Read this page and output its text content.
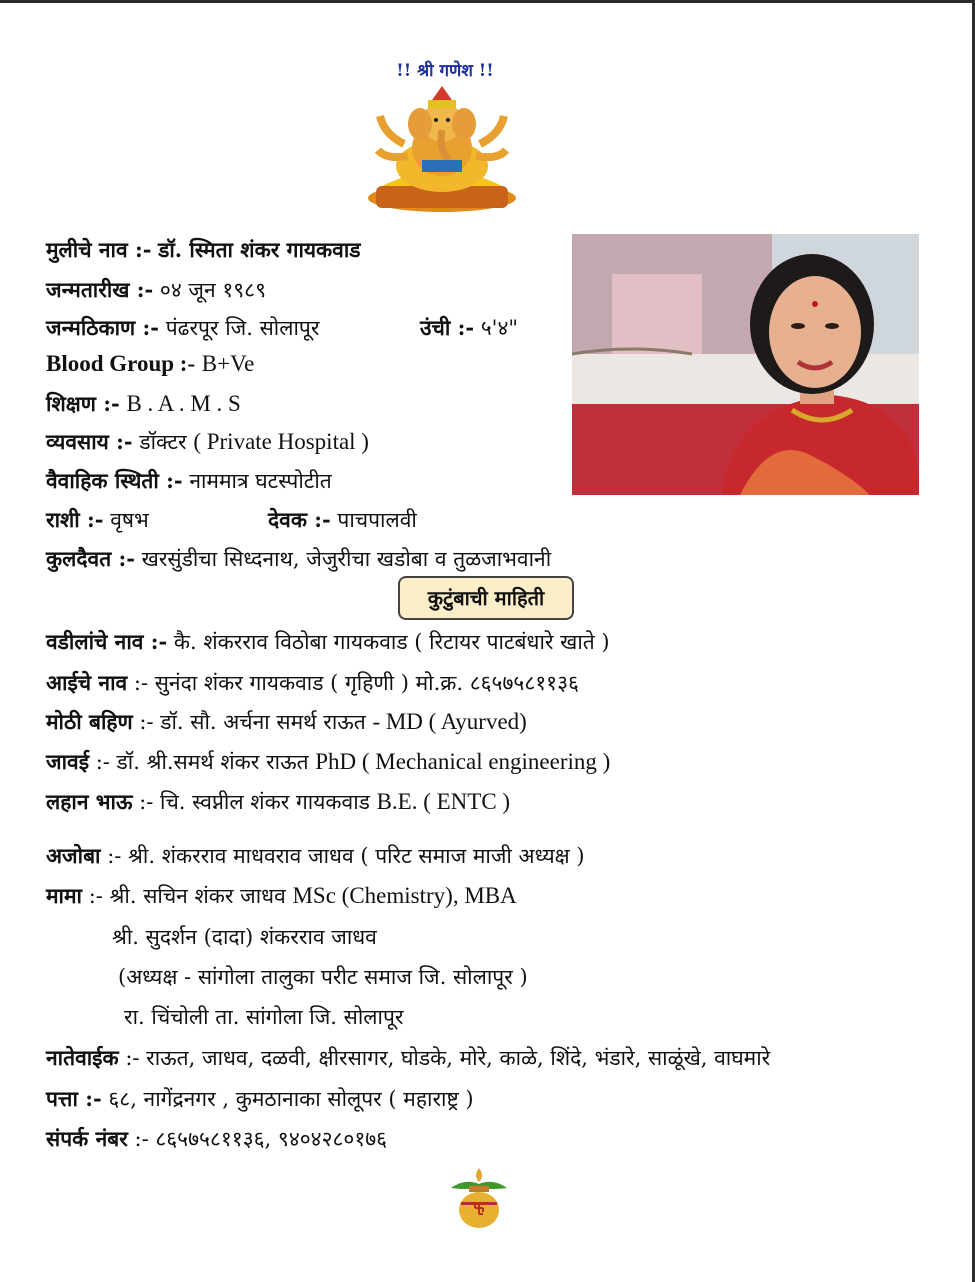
!! श्री गणेश !!
मुलीचे नाव :- डॉ. स्मिता शंकर गायकवाड
जन्मतारीख :- ०४ जून १९८९
जन्मठिकाण :- पंढरपूर जि. सोलापूर	उंची :- ५'४"
Blood Group :- B+Ve
शिक्षण :- B . A . M . S
व्यवसाय :- डॉक्टर ( Private Hospital )
वैवाहिक स्थिती :- नाममात्र घटस्पोटीत
राशी :- वृषभ	देवक :- पाचपालवी
कुलदैवत :- खरसुंडीचा सिध्दनाथ, जेजुरीचा खडोबा व तुळजाभवानी
कुटुंबाची माहिती
वडीलांचे नाव :- कै. शंकरराव विठोबा गायकवाड ( रिटायर पाटबंधारे खाते )
आईचे नाव :- सुनंदा शंकर गायकवाड ( गृहिणी ) मो.क्र. ८६५७५८११३६
मोठी बहिण :- डॉ. सौ. अर्चना समर्थ राऊत - MD ( Ayurved)
जावई :- डॉ. श्री.समर्थ शंकर राऊत PhD ( Mechanical engineering )
लहान भाऊ :- चि. स्वप्नील शंकर गायकवाड B.E. ( ENTC )
अजोबा :- श्री. शंकरराव माधवराव जाधव ( परिट समाज माजी अध्यक्ष )
मामा :- श्री. सचिन शंकर जाधव MSc (Chemistry), MBA
श्री. सुदर्शन (दादा) शंकरराव जाधव
(अध्यक्ष - सांगोला तालुका परीट समाज जि. सोलापूर )
रा. चिंचोली ता. सांगोला जि. सोलापूर
नातेवाईक :- राऊत, जाधव, दळवी, क्षीरसागर, घोडके, मोरे, काळे, शिंदे, भंडारे, साळूंखे, वाघमारे
पत्ता :- ६८, नागेंद्रनगर , कुमठानाका सोलूपर ( महाराष्ट्र )
संपर्क नंबर :- ८६५७५८११३६, ९४०४२८०१७६
